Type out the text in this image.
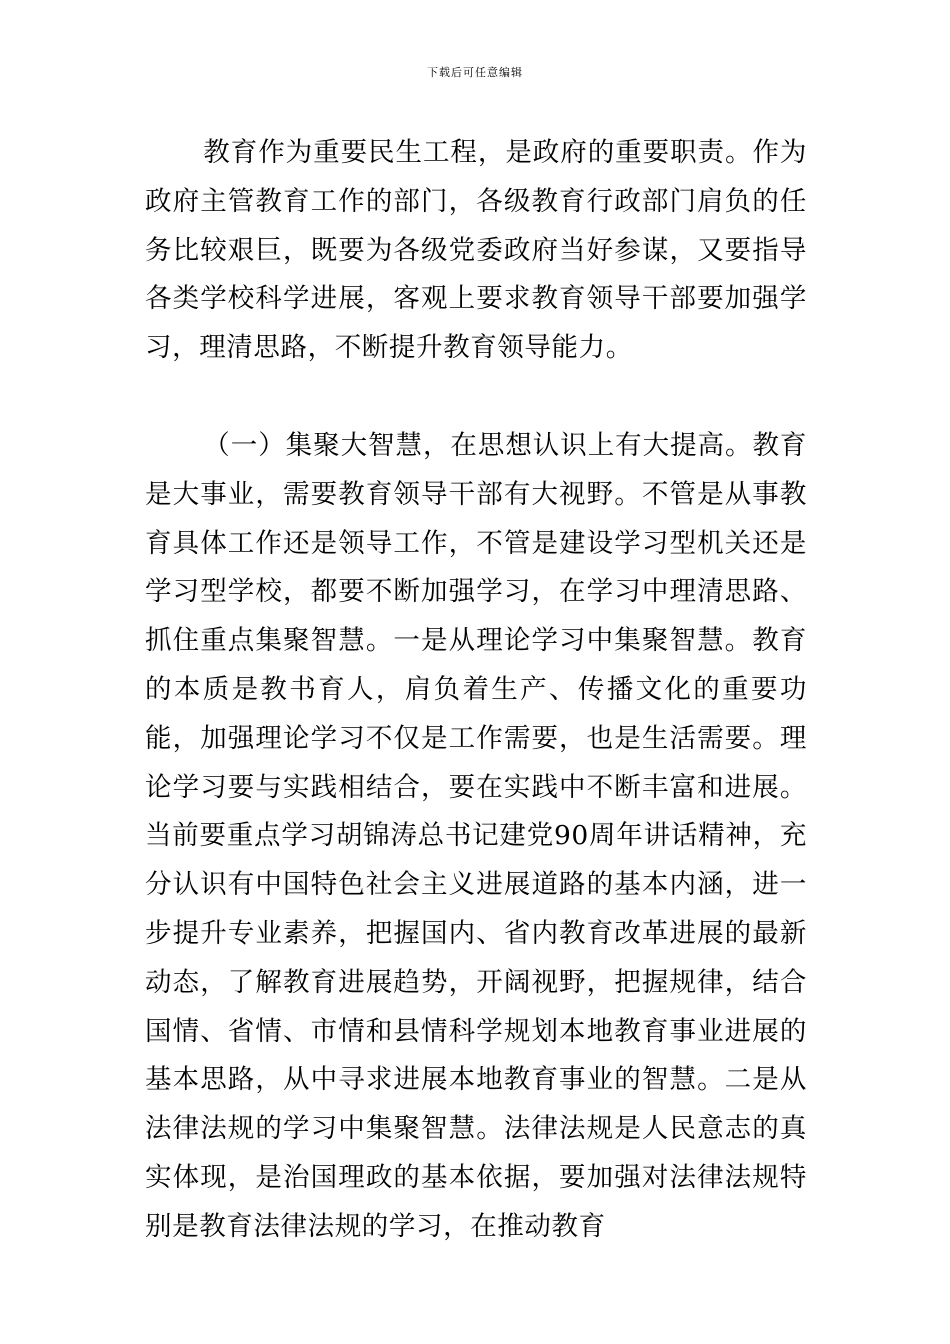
下载后可任意编辑

教育作为重要民生工程，是政府的重要职责。作为政府主管教育工作的部门，各级教育行政部门肩负的任务比较艰巨，既要为各级党委政府当好参谋，又要指导各类学校科学进展，客观上要求教育领导干部要加强学习，理清思路，不断提升教育领导能力。

（一）集聚大智慧，在思想认识上有大提高。教育是大事业，需要教育领导干部有大视野。不管是从事教育具体工作还是领导工作，不管是建设学习型机关还是学习型学校，都要不断加强学习，在学习中理清思路、抓住重点集聚智慧。一是从理论学习中集聚智慧。教育的本质是教书育人，肩负着生产、传播文化的重要功能，加强理论学习不仅是工作需要，也是生活需要。理论学习要与实践相结合，要在实践中不断丰富和进展。当前要重点学习胡锦涛总书记建党90周年讲话精神，充分认识有中国特色社会主义进展道路的基本内涵，进一步提升专业素养，把握国内、省内教育改革进展的最新动态，了解教育进展趋势，开阔视野，把握规律，结合国情、省情、市情和县情科学规划本地教育事业进展的基本思路，从中寻求进展本地教育事业的智慧。二是从法律法规的学习中集聚智慧。法律法规是人民意志的真实体现，是治国理政的基本依据，要加强对法律法规特别是教育法律法规的学习，在推动教育
